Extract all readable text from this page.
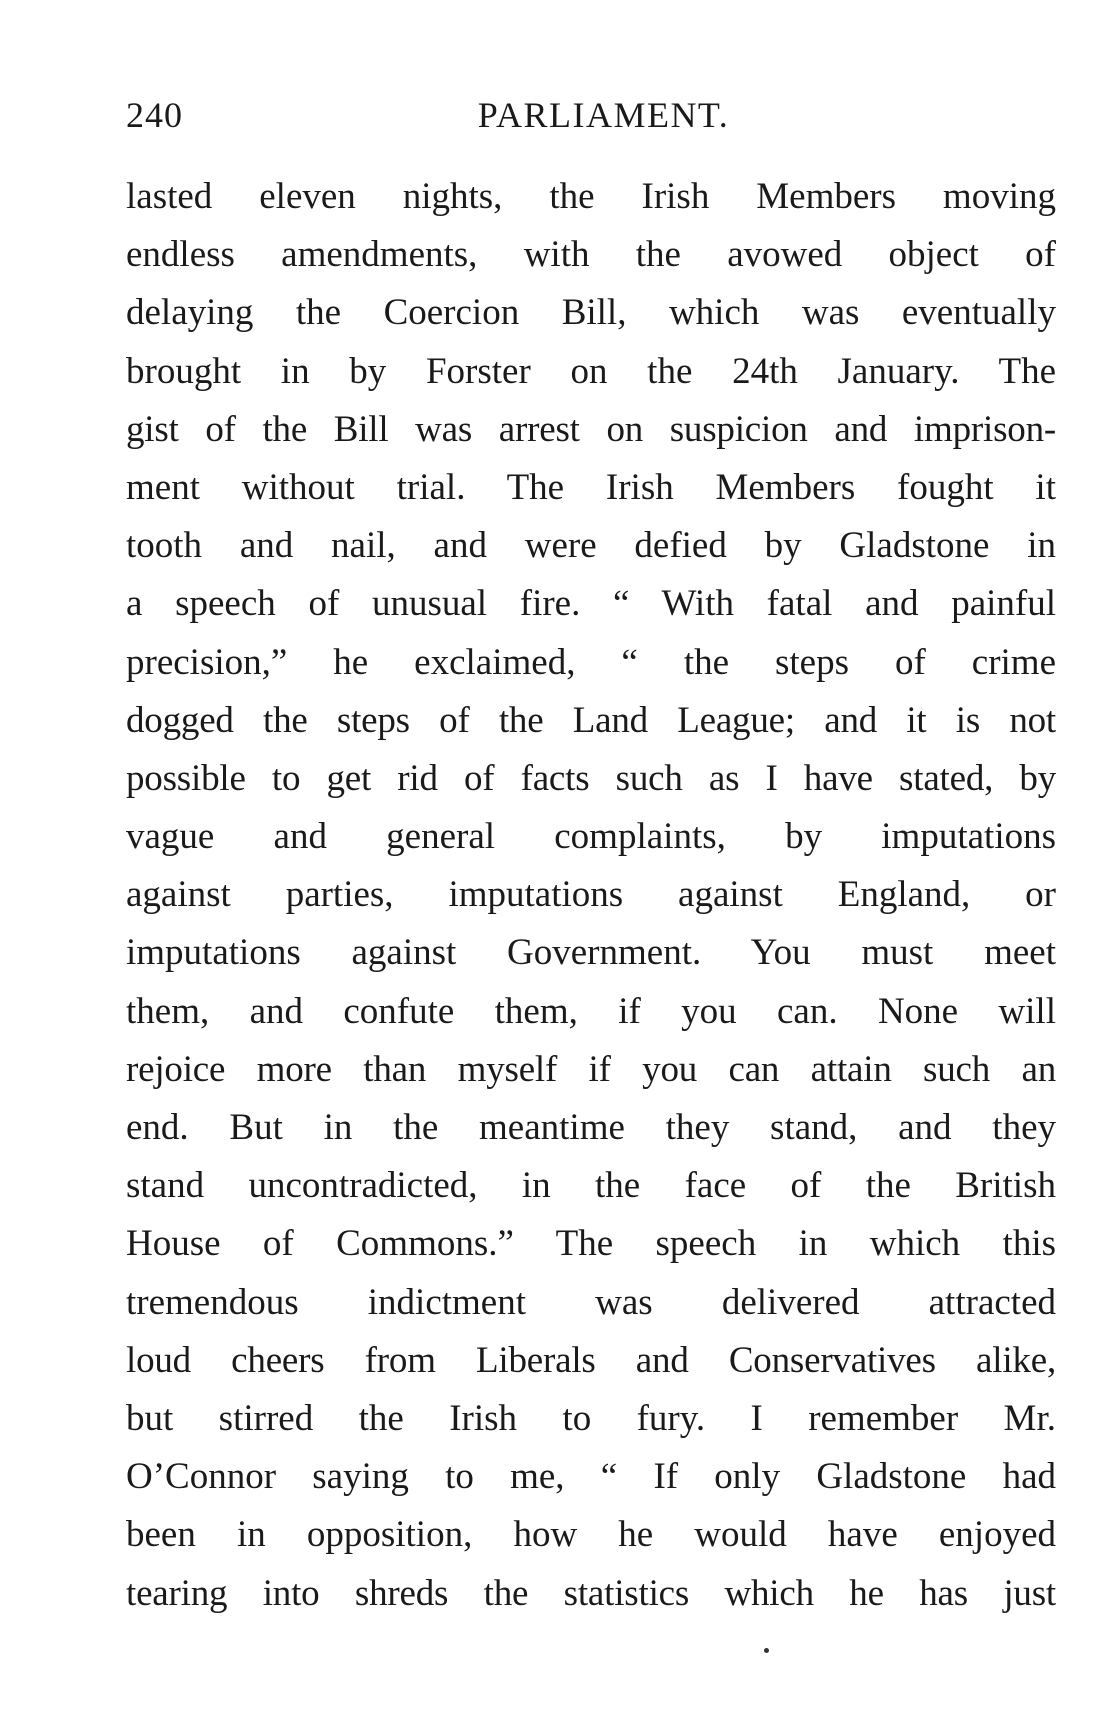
240	PARLIAMENT.
lasted eleven nights, the Irish Members moving
endless amendments, with the avowed object of
delaying the Coercion Bill, which was eventually
brought in by Forster on the 24th January. The
gist of the Bill was arrest on suspicion and imprison-
ment without trial. The Irish Members fought it
tooth and nail, and were defied by Gladstone in
a speech of unusual fire. “ With fatal and painful
precision,” he exclaimed, “ the steps of crime
dogged the steps of the Land League; and it is not
possible to get rid of facts such as I have stated, by
vague and general complaints, by imputations
against parties, imputations against England, or
imputations against Government. You must meet
them, and confute them, if you can. None will
rejoice more than myself if you can attain such an
end. But in the meantime they stand, and they
stand uncontradicted, in the face of the British
House of Commons.” The speech in which this
tremendous indictment was delivered attracted
loud cheers from Liberals and Conservatives alike,
but stirred the Irish to fury. I remember Mr.
O’Connor saying to me, “ If only Gladstone had
been in opposition, how he would have enjoyed
tearing into shreds the statistics which he has just
